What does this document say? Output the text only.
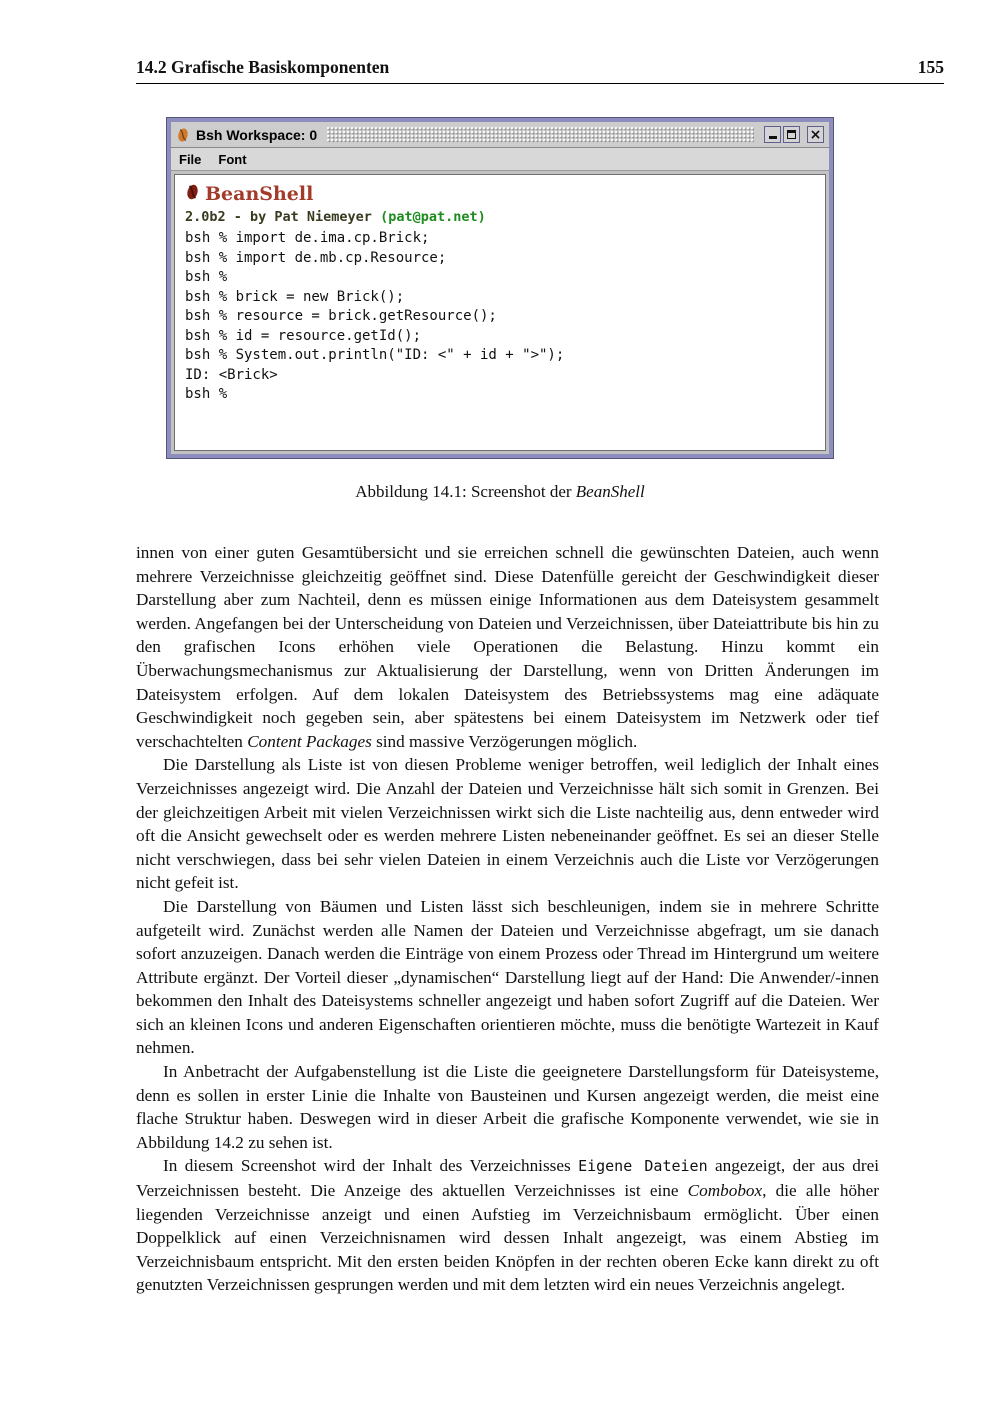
14.2 Grafische Basiskomponenten	155
Bsh Workspace: 0	×
File Font
BeanShell
2.0b2 - by Pat Niemeyer (pat@pat.net)
bsh % import de.ima.cp.Brick;
bsh % import de.mb.cp.Resource;
bsh %
bsh % brick = new Brick();
bsh % resource = brick.getResource();
bsh % id = resource.getId();
bsh % System.out.println("ID: <" + id + ">");
ID: <Brick>
bsh %
Abbildung 14.1: Screenshot der BeanShell

innen von einer guten Gesamtübersicht und sie erreichen schnell die gewünschten Dateien, auch wenn mehrere Verzeichnisse gleichzeitig geöffnet sind. Diese Datenfülle gereicht der Geschwindigkeit dieser Darstellung aber zum Nachteil, denn es müssen einige Informationen aus dem Dateisystem gesammelt werden. Angefangen bei der Unterscheidung von Dateien und Verzeichnissen, über Dateiattribute bis hin zu den grafischen Icons erhöhen viele Operationen die Belastung. Hinzu kommt ein Überwachungsmechanismus zur Aktualisierung der Darstellung, wenn von Dritten Änderungen im Dateisystem erfolgen. Auf dem lokalen Dateisystem des Betriebssystems mag eine adäquate Geschwindigkeit noch gegeben sein, aber spätestens bei einem Dateisystem im Netzwerk oder tief verschachtelten Content Packages sind massive Verzögerungen möglich.

Die Darstellung als Liste ist von diesen Probleme weniger betroffen, weil lediglich der Inhalt eines Verzeichnisses angezeigt wird. Die Anzahl der Dateien und Verzeichnisse hält sich somit in Grenzen. Bei der gleichzeitigen Arbeit mit vielen Verzeichnissen wirkt sich die Liste nachteilig aus, denn entweder wird oft die Ansicht gewechselt oder es werden mehrere Listen nebeneinander geöffnet. Es sei an dieser Stelle nicht verschwiegen, dass bei sehr vielen Dateien in einem Verzeichnis auch die Liste vor Verzögerungen nicht gefeit ist.

Die Darstellung von Bäumen und Listen lässt sich beschleunigen, indem sie in mehrere Schritte aufgeteilt wird. Zunächst werden alle Namen der Dateien und Verzeichnisse abgefragt, um sie danach sofort anzuzeigen. Danach werden die Einträge von einem Prozess oder Thread im Hintergrund um weitere Attribute ergänzt. Der Vorteil dieser „dynamischen“ Darstellung liegt auf der Hand: Die Anwender/-innen bekommen den Inhalt des Dateisystems schneller angezeigt und haben sofort Zugriff auf die Dateien. Wer sich an kleinen Icons und anderen Eigenschaften orientieren möchte, muss die benötigte Wartezeit in Kauf nehmen.

In Anbetracht der Aufgabenstellung ist die Liste die geeignetere Darstellungsform für Dateisysteme, denn es sollen in erster Linie die Inhalte von Bausteinen und Kursen angezeigt werden, die meist eine flache Struktur haben. Deswegen wird in dieser Arbeit die grafische Komponente verwendet, wie sie in Abbildung 14.2 zu sehen ist.

In diesem Screenshot wird der Inhalt des Verzeichnisses Eigene Dateien angezeigt, der aus drei Verzeichnissen besteht. Die Anzeige des aktuellen Verzeichnisses ist eine Combobox, die alle höher liegenden Verzeichnisse anzeigt und einen Aufstieg im Verzeichnisbaum ermöglicht. Über einen Doppelklick auf einen Verzeichnisnamen wird dessen Inhalt angezeigt, was einem Abstieg im Verzeichnisbaum entspricht. Mit den ersten beiden Knöpfen in der rechten oberen Ecke kann direkt zu oft genutzten Verzeichnissen gesprungen werden und mit dem letzten wird ein neues Verzeichnis angelegt.
